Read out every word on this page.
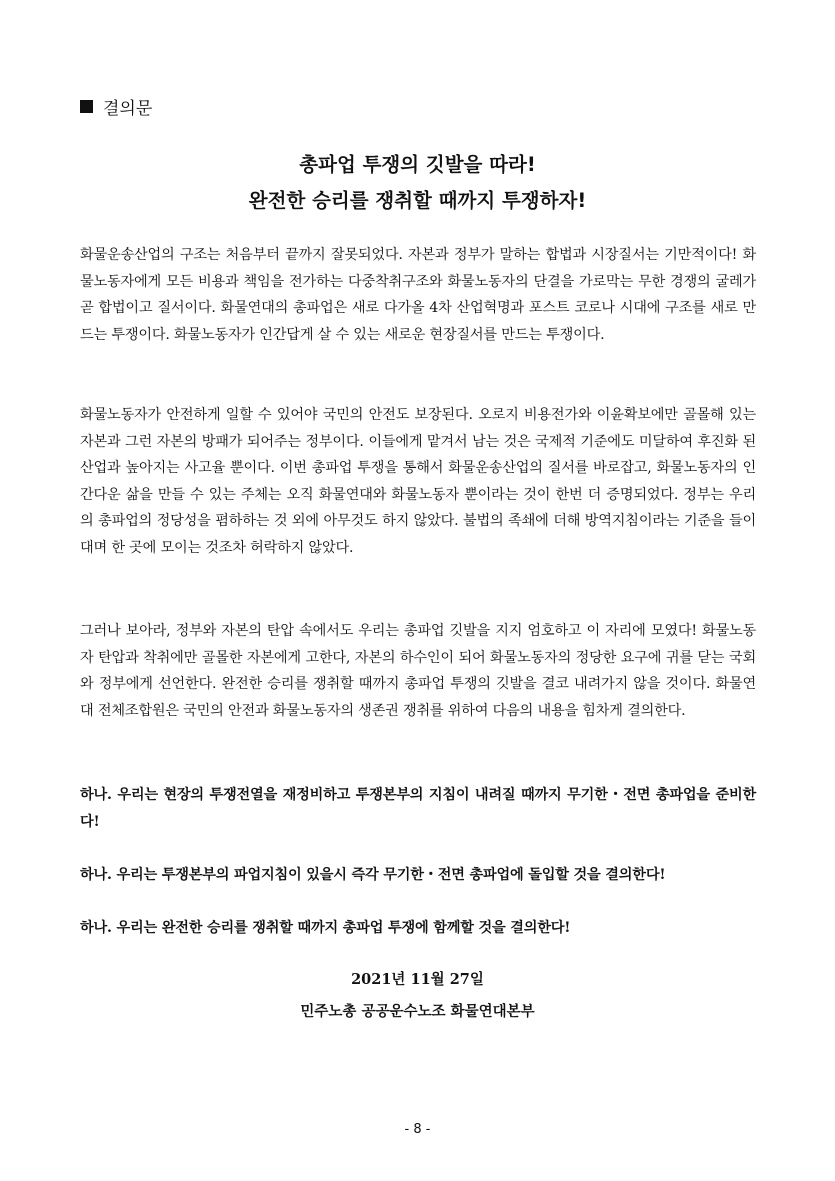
결의문
총파업 투쟁의 깃발을 따라!
완전한 승리를 쟁취할 때까지 투쟁하자!
화물운송산업의 구조는 처음부터 끝까지 잘못되었다. 자본과 정부가 말하는 합법과 시장질서는 기만적이다! 화물노동자에게 모든 비용과 책임을 전가하는 다중착취구조와 화물노동자의 단결을 가로막는 무한 경쟁의 굴레가 곧 합법이고 질서이다. 화물연대의 총파업은 새로 다가올 4차 산업혁명과 포스트 코로나 시대에 구조를 새로 만드는 투쟁이다. 화물노동자가 인간답게 살 수 있는 새로운 현장질서를 만드는 투쟁이다.
화물노동자가 안전하게 일할 수 있어야 국민의 안전도 보장된다. 오로지 비용전가와 이윤확보에만 골몰해 있는 자본과 그런 자본의 방패가 되어주는 정부이다. 이들에게 맡겨서 남는 것은 국제적 기준에도 미달하여 후진화 된 산업과 높아지는 사고율 뿐이다. 이번 총파업 투쟁을 통해서 화물운송산업의 질서를 바로잡고, 화물노동자의 인간다운 삶을 만들 수 있는 주체는 오직 화물연대와 화물노동자 뿐이라는 것이 한번 더 증명되었다. 정부는 우리의 총파업의 정당성을 폄하하는 것 외에 아무것도 하지 않았다. 불법의 족쇄에 더해 방역지침이라는 기준을 들이대며 한 곳에 모이는 것조차 허락하지 않았다.
그러나 보아라, 정부와 자본의 탄압 속에서도 우리는 총파업 깃발을 지지 엄호하고 이 자리에 모였다! 화물노동자 탄압과 착취에만 골몰한 자본에게 고한다, 자본의 하수인이 되어 화물노동자의 정당한 요구에 귀를 닫는 국회와 정부에게 선언한다. 완전한 승리를 쟁취할 때까지 총파업 투쟁의 깃발을 결코 내려가지 않을 것이다. 화물연대 전체조합원은 국민의 안전과 화물노동자의 생존권 쟁취를 위하여 다음의 내용을 힘차게 결의한다.
하나. 우리는 현장의 투쟁전열을 재정비하고 투쟁본부의 지침이 내려질 때까지 무기한・전면 총파업을 준비한다!
하나. 우리는 투쟁본부의 파업지침이 있을시 즉각 무기한・전면 총파업에 돌입할 것을 결의한다!
하나. 우리는 완전한 승리를 쟁취할 때까지 총파업 투쟁에 함께할 것을 결의한다!
2021년 11월 27일
민주노총 공공운수노조 화물연대본부
- 8 -
